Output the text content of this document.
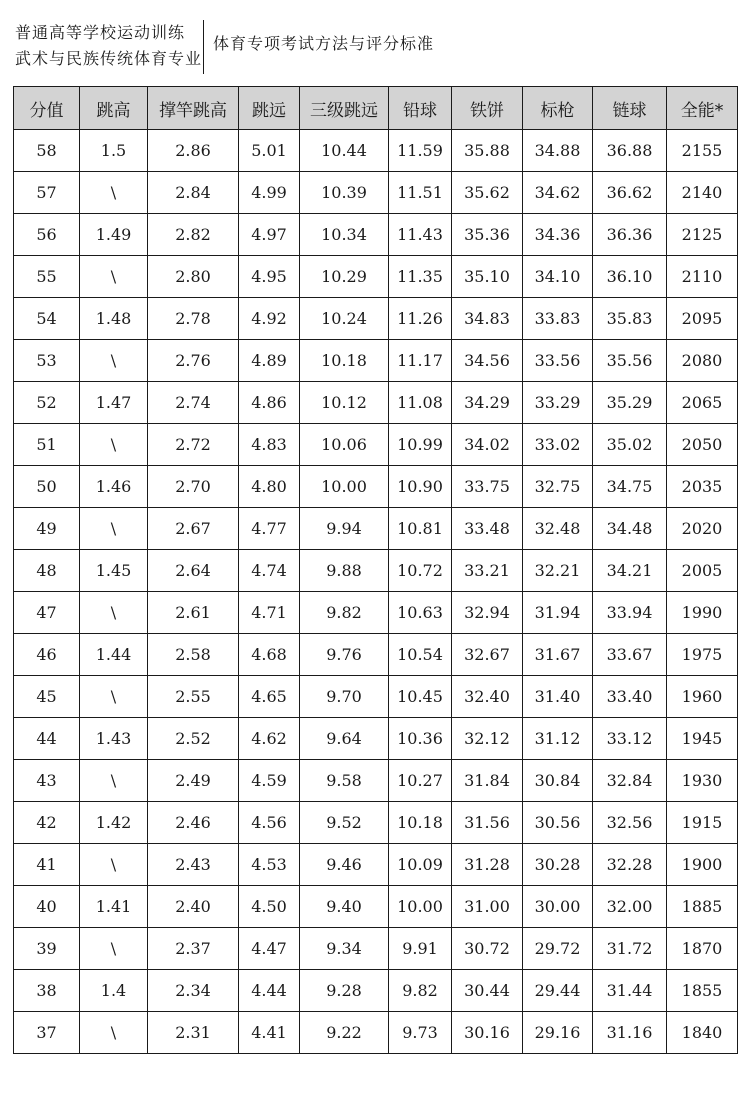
普通高等学校运动训练
武术与民族传统体育专业
体育专项考试方法与评分标准
分值	跳高	撑竿跳高	跳远	三级跳远	铅球	铁饼	标枪	链球	全能*
58	1.5	2.86	5.01	10.44	11.59	35.88	34.88	36.88	2155
57	\	2.84	4.99	10.39	11.51	35.62	34.62	36.62	2140
56	1.49	2.82	4.97	10.34	11.43	35.36	34.36	36.36	2125
55	\	2.80	4.95	10.29	11.35	35.10	34.10	36.10	2110
54	1.48	2.78	4.92	10.24	11.26	34.83	33.83	35.83	2095
53	\	2.76	4.89	10.18	11.17	34.56	33.56	35.56	2080
52	1.47	2.74	4.86	10.12	11.08	34.29	33.29	35.29	2065
51	\	2.72	4.83	10.06	10.99	34.02	33.02	35.02	2050
50	1.46	2.70	4.80	10.00	10.90	33.75	32.75	34.75	2035
49	\	2.67	4.77	9.94	10.81	33.48	32.48	34.48	2020
48	1.45	2.64	4.74	9.88	10.72	33.21	32.21	34.21	2005
47	\	2.61	4.71	9.82	10.63	32.94	31.94	33.94	1990
46	1.44	2.58	4.68	9.76	10.54	32.67	31.67	33.67	1975
45	\	2.55	4.65	9.70	10.45	32.40	31.40	33.40	1960
44	1.43	2.52	4.62	9.64	10.36	32.12	31.12	33.12	1945
43	\	2.49	4.59	9.58	10.27	31.84	30.84	32.84	1930
42	1.42	2.46	4.56	9.52	10.18	31.56	30.56	32.56	1915
41	\	2.43	4.53	9.46	10.09	31.28	30.28	32.28	1900
40	1.41	2.40	4.50	9.40	10.00	31.00	30.00	32.00	1885
39	\	2.37	4.47	9.34	9.91	30.72	29.72	31.72	1870
38	1.4	2.34	4.44	9.28	9.82	30.44	29.44	31.44	1855
37	\	2.31	4.41	9.22	9.73	30.16	29.16	31.16	1840
